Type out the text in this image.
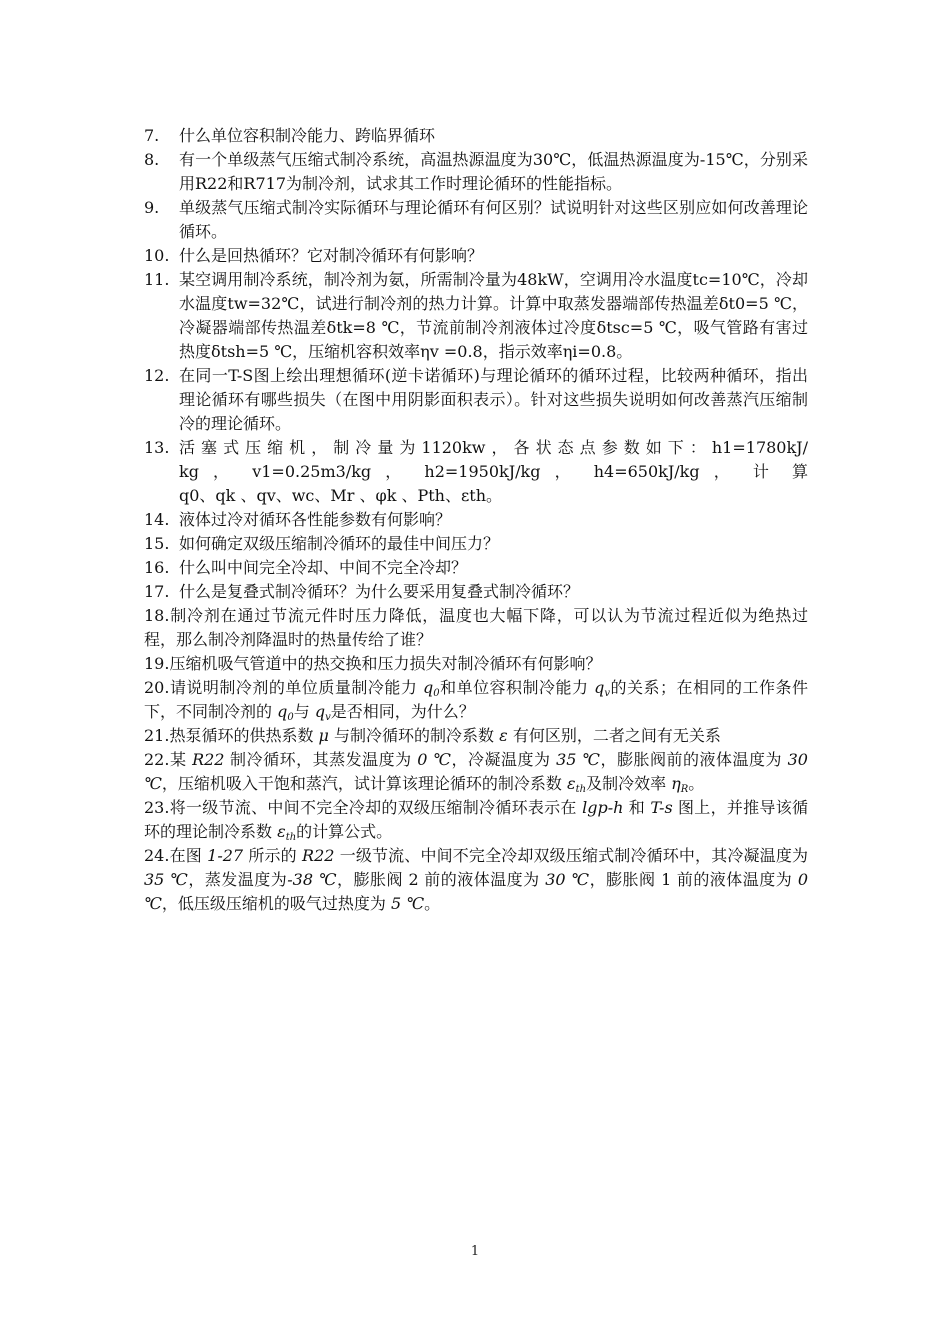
7. 什么单位容积制冷能力、跨临界循环
8. 有一个单级蒸气压缩式制冷系统，高温热源温度为30℃，低温热源温度为-15℃，分别采用R22和R717为制冷剂，试求其工作时理论循环的性能指标。
9. 单级蒸气压缩式制冷实际循环与理论循环有何区别？试说明针对这些区别应如何改善理论循环。
10. 什么是回热循环？它对制冷循环有何影响？
11. 某空调用制冷系统，制冷剂为氨，所需制冷量为48kW，空调用冷水温度tc=10℃，冷却水温度tw=32℃，试进行制冷剂的热力计算。计算中取蒸发器端部传热温差δt0=5 ℃，冷凝器端部传热温差δtk=8 ℃，节流前制冷剂液体过冷度δtsc=5 ℃，吸气管路有害过热度δtsh=5 ℃，压缩机容积效率ηv =0.8，指示效率ηi=0.8。
12. 在同一T-S图上绘出理想循环(逆卡诺循环)与理论循环的循环过程，比较两种循环，指出理论循环有哪些损失（在图中用阴影面积表示）。针对这些损失说明如何改善蒸汽压缩制冷的理论循环。
13. 活塞式压缩机，制冷量为1120kw，各状态点参数如下：h1=1780kJ/
kg ， v1=0.25m3/kg ， h2=1950kJ/kg ， h4=650kJ/kg ， 计 算
q0、qk 、qv、wc、Mr 、φk 、Pth、εth。
14. 液体过冷对循环各性能参数有何影响？
15. 如何确定双级压缩制冷循环的最佳中间压力？
16. 什么叫中间完全冷却、中间不完全冷却？
17. 什么是复叠式制冷循环？为什么要采用复叠式制冷循环？
18.制冷剂在通过节流元件时压力降低，温度也大幅下降，可以认为节流过程近似为绝热过程，那么制冷剂降温时的热量传给了谁？
19.压缩机吸气管道中的热交换和压力损失对制冷循环有何影响？
20.请说明制冷剂的单位质量制冷能力 $q_0$和单位容积制冷能力 $q_v$的关系；在相同的工作条件下，不同制冷剂的 $q_0$与 $q_v$是否相同，为什么？
21.热泵循环的供热系数 μ 与制冷循环的制冷系数 ε 有何区别，二者之间有无关系
22.某 R22 制冷循环，其蒸发温度为 0 ℃，冷凝温度为 35 ℃，膨胀阀前的液体温度为 30 ℃，压缩机吸入干饱和蒸汽，试计算该理论循环的制冷系数 $\varepsilon_{th}$及制冷效率 $\eta_R$。
23.将一级节流、中间不完全冷却的双级压缩制冷循环表示在 lgp-h 和 T-s 图上，并推导该循环的理论制冷系数 $\varepsilon_{th}$的计算公式。
24.在图 1-27 所示的 R22 一级节流、中间不完全冷却双级压缩式制冷循环中，其冷凝温度为 35 ℃，蒸发温度为-38 ℃，膨胀阀 2 前的液体温度为 30 ℃，膨胀阀 1 前的液体温度为 0 ℃，低压级压缩机的吸气过热度为 5 ℃。
1
